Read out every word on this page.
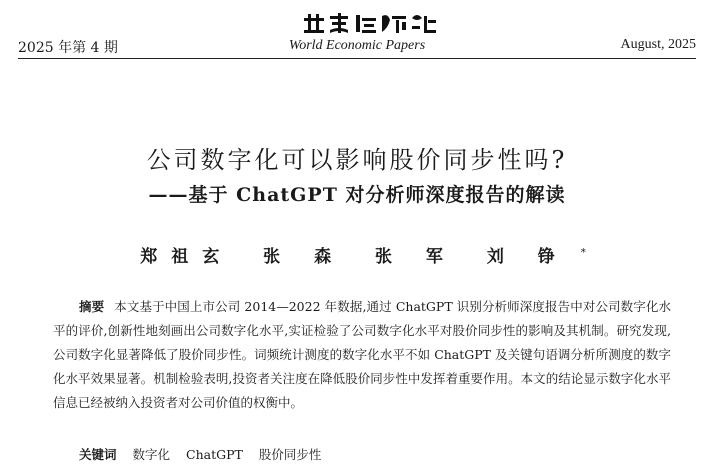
2025 年第 4 期	World Economic Papers	August, 2025
公司数字化可以影响股价同步性吗?
——基于 ChatGPT 对分析师深度报告的解读
郑祖玄 张 森 张 军 刘 铮 *
摘要 本文基于中国上市公司 2014—2022 年数据,通过 ChatGPT 识别分析师深度报告中对公司数字化水平的评价,创新性地刻画出公司数字化水平,实证检验了公司数字化水平对股价同步性的影响及其机制。研究发现,公司数字化显著降低了股价同步性。词频统计测度的数字化水平不如 ChatGPT 及关键句语调分析所测度的数字化水平效果显著。机制检验表明,投资者关注度在降低股价同步性中发挥着重要作用。本文的结论显示数字化水平信息已经被纳入投资者对公司价值的权衡中。
关键词 数字化 ChatGPT 股价同步性
